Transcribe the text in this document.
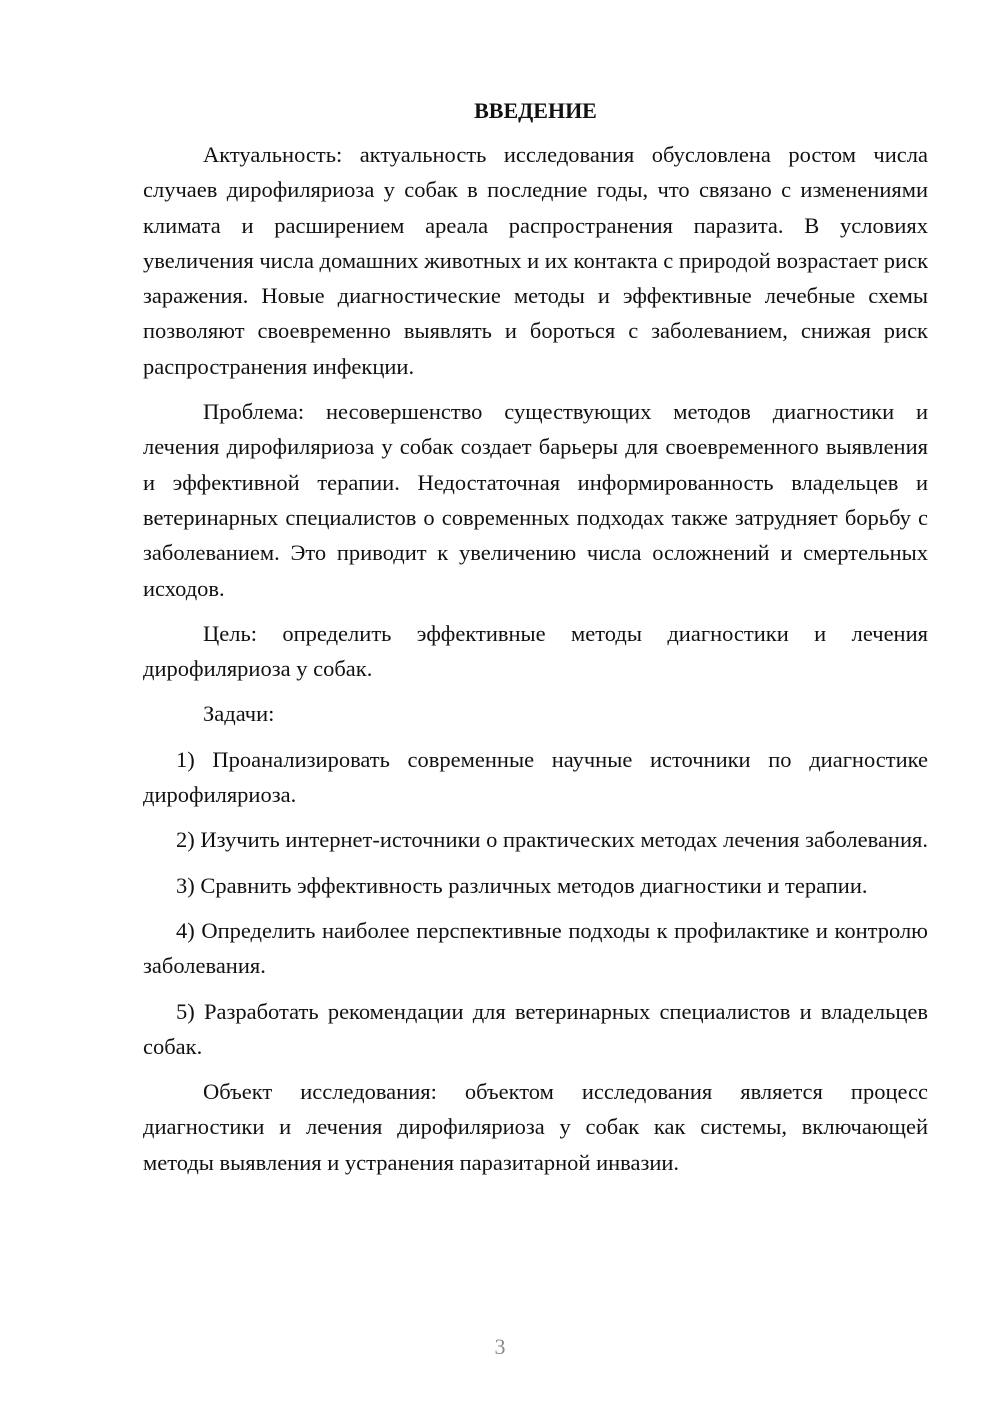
ВВЕДЕНИЕ

Актуальность: актуальность исследования обусловлена ростом числа случаев дирофиляриоза у собак в последние годы, что связано с изменениями климата и расширением ареала распространения паразита. В условиях увеличения числа домашних животных и их контакта с природой возрастает риск заражения. Новые диагностические методы и эффективные лечебные схемы позволяют своевременно выявлять и бороться с заболеванием, снижая риск распространения инфекции.

Проблема: несовершенство существующих методов диагностики и лечения дирофиляриоза у собак создает барьеры для своевременного выявления и эффективной терапии. Недостаточная информированность владельцев и ветеринарных специалистов о современных подходах также затрудняет борьбу с заболеванием. Это приводит к увеличению числа осложнений и смертельных исходов.

Цель: определить эффективные методы диагностики и лечения дирофиляриоза у собак.

Задачи:

1) Проанализировать современные научные источники по диагностике дирофиляриоза.

2) Изучить интернет-источники о практических методах лечения заболевания.

3) Сравнить эффективность различных методов диагностики и терапии.

4) Определить наиболее перспективные подходы к профилактике и контролю заболевания.

5) Разработать рекомендации для ветеринарных специалистов и владельцев собак.

Объект исследования: объектом исследования является процесс диагностики и лечения дирофиляриоза у собак как системы, включающей методы выявления и устранения паразитарной инвазии.

3
